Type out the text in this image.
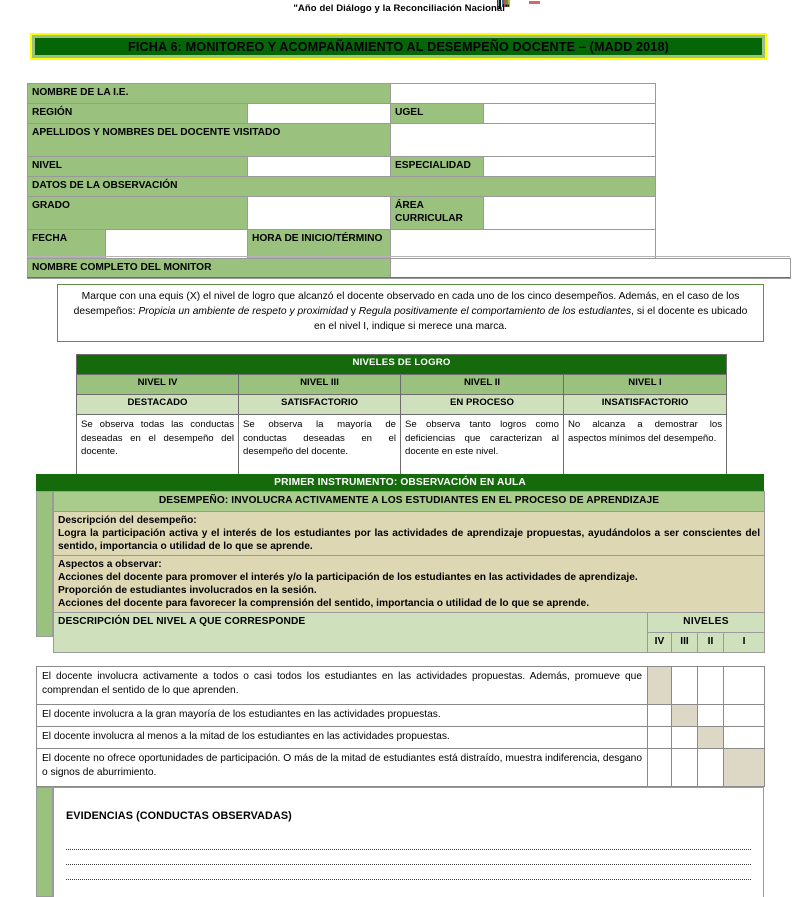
"Año del Diálogo y la Reconciliación Nacional"
FICHA 6: MONITOREO Y ACOMPAÑAMIENTO AL DESEMPEÑO DOCENTE – (MADD 2018)
NOMBRE DE LA I.E.				
REGIÓN			UGEL	
APELLIDOS Y NOMBRES DEL DOCENTE VISITADO				
NIVEL			ESPECIALIDAD	
DATOS DE LA OBSERVACIÓN				
GRADO			ÁREA CURRICULAR	
FECHA		HORA DE INICIO/TÉRMINO		
NOMBRE COMPLETO DEL MONITOR	
Marque con una equis (X) el nivel de logro que alcanzó el docente observado en cada uno de los cinco desempeños. Además, en el caso de los desempeños: Propicia un ambiente de respeto y proximidad y Regula positivamente el comportamiento de los estudiantes, si el docente es ubicado en el nivel I, indique si merece una marca.
NIVELES DE LOGRO			
NIVEL IV	NIVEL III	NIVEL II	NIVEL I
DESTACADO	SATISFACTORIO	EN PROCESO	INSATISFACTORIO
Se observa todas las conductas deseadas en el desempeño del docente.	Se observa la mayoría de conductas deseadas en el desempeño del docente.	Se observa tanto logros como deficiencias que caracterizan al docente en este nivel.	No alcanza a demostrar los aspectos mínimos del desempeño.
PRIMER INSTRUMENTO: OBSERVACIÓN EN AULA
DESEMPEÑO: INVOLUCRA ACTIVAMENTE A LOS ESTUDIANTES EN EL PROCESO DE APRENDIZAJE				

Descripción del desempeño:
Logra la participación activa y el interés de los estudiantes por las actividades de aprendizaje propuestas, ayudándolos a ser conscientes del sentido, importancia o utilidad de lo que se aprende.				

Aspectos a observar:
Acciones del docente para promover el interés y/o la participación de los estudiantes en las actividades de aprendizaje.
Proporción de estudiantes involucrados en la sesión.
Acciones del docente para favorecer la comprensión del sentido, importancia o utilidad de lo que se aprende.				

DESCRIPCIÓN DEL NIVEL A QUE CORRESPONDE	NIVELES			
	IV	III	II	I
El docente involucra activamente a todos o casi todos los estudiantes en las actividades propuestas. Además, promueve que comprendan el sentido de lo que aprenden.				
El docente involucra a la gran mayoría de los estudiantes en las actividades propuestas.				
El docente involucra al menos a la mitad de los estudiantes en las actividades propuestas.				
El docente no ofrece oportunidades de participación. O más de la mitad de estudiantes está distraído, muestra indiferencia, desgano o signos de aburrimiento.				
EVIDENCIAS (CONDUCTAS OBSERVADAS)
